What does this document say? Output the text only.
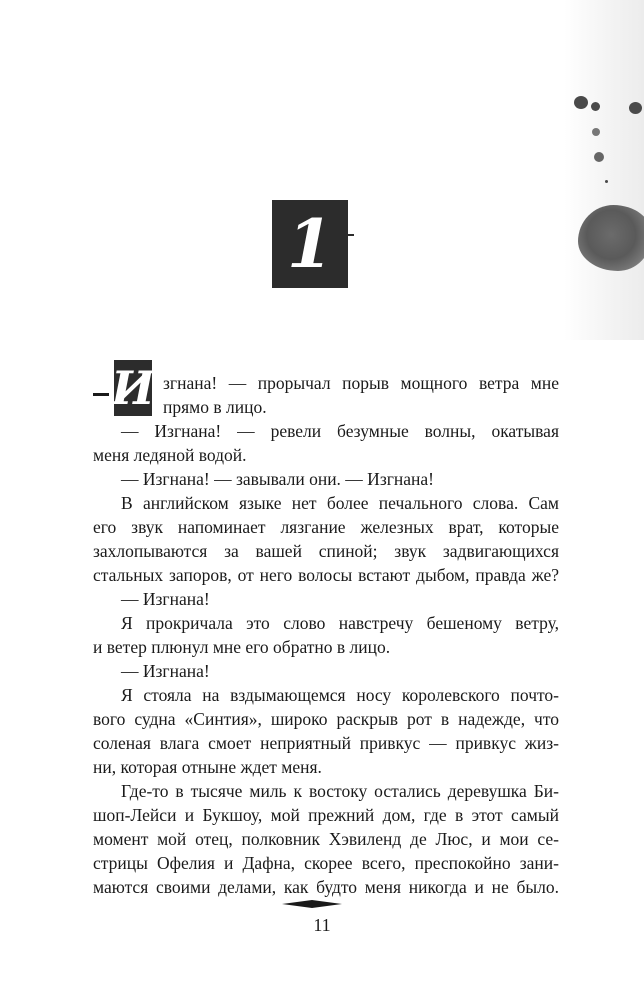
1
И згнана! — прорычал порыв мощного ветра мне
прямо в лицо.
— Изгнана! — ревели безумные волны, окатывая
меня ледяной водой.
— Изгнана! — завывали они. — Изгнана!
В английском языке нет более печального слова. Сам
его звук напоминает лязгание железных врат, которые
захлопываются за вашей спиной; звук задвигающихся
стальных запоров, от него волосы встают дыбом, правда же?
— Изгнана!
Я прокричала это слово навстречу бешеному ветру,
и ветер плюнул мне его обратно в лицо.
— Изгнана!
Я стояла на вздымающемся носу королевского почто-
вого судна «Синтия», широко раскрыв рот в надежде, что
соленая влага смоет неприятный привкус — привкус жиз-
ни, которая отныне ждет меня.
Где-то в тысяче миль к востоку остались деревушка Би-
шоп-Лейси и Букшоу, мой прежний дом, где в этот самый
момент мой отец, полковник Хэвиленд де Люс, и мои се-
стрицы Офелия и Дафна, скорее всего, преспокойно зани-
маются своими делами, как будто меня никогда и не было.
11
